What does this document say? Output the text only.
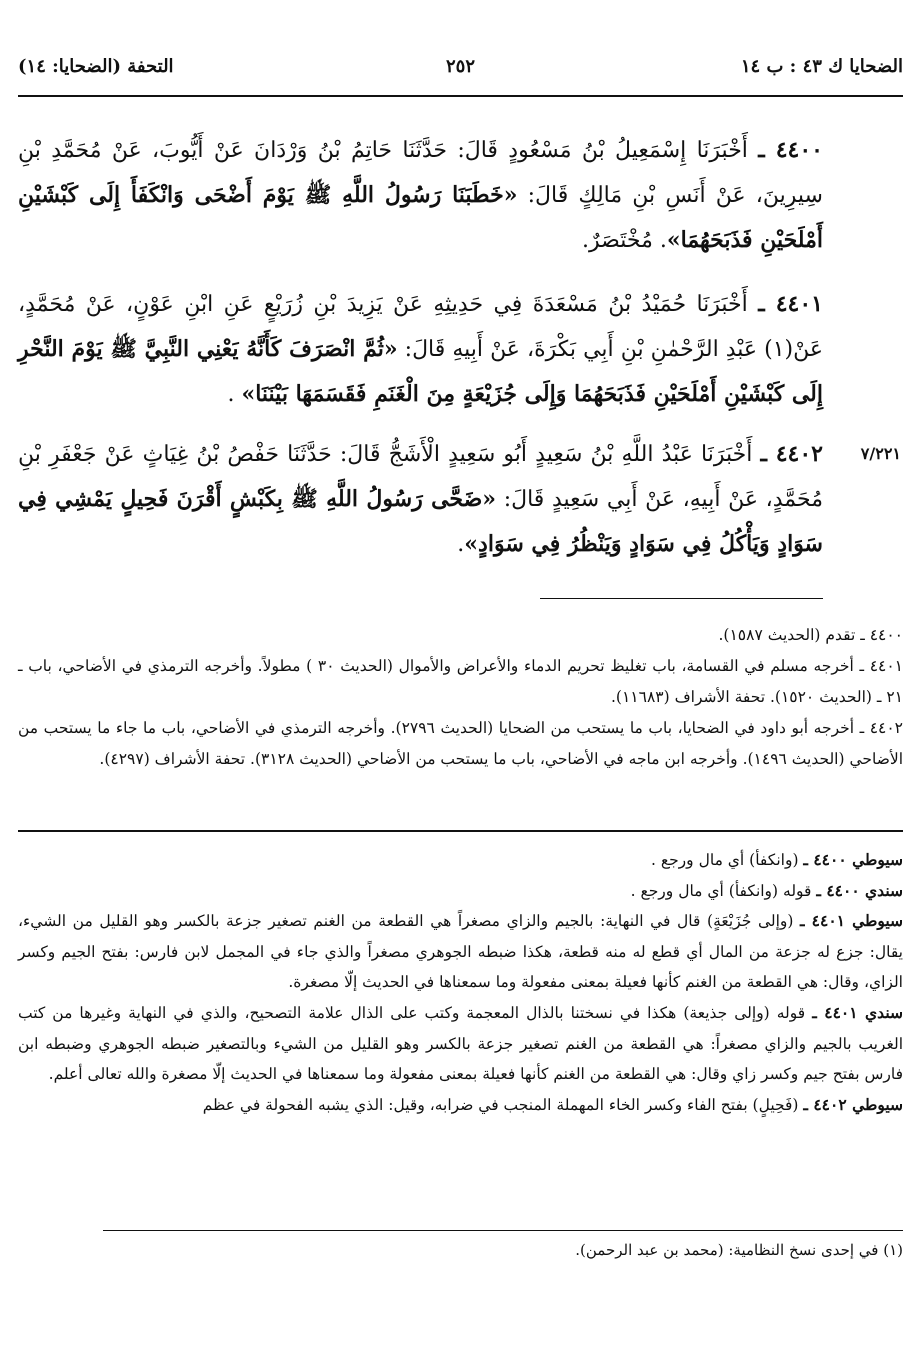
الضحايا ك ٤٣ : ب ١٤
٢٥٢
التحفة (الضحايا: ١٤)
٤٤٠٠ ـ أَخْبَرَنَا إِسْمَعِيلُ بْنُ مَسْعُودٍ قَالَ: حَدَّثَنَا حَاتِمُ بْنُ وَرْدَانَ عَنْ أَيُّوبَ، عَنْ مُحَمَّدِ بْنِ سِيرِينَ، عَنْ أَنَسِ بْنِ مَالِكٍ قَالَ: «خَطَبَنَا رَسُولُ اللَّهِ ﷺ يَوْمَ أَضْحَى وَانْكَفَأَ إِلَى كَبْشَيْنِ أَمْلَحَيْنِ فَذَبَحَهُمَا». مُخْتَصَرٌ.
٤٤٠١ ـ أَخْبَرَنَا حُمَيْدُ بْنُ مَسْعَدَةَ فِي حَدِيثِهِ عَنْ يَزِيدَ بْنِ زُرَيْعٍ عَنِ ابْنِ عَوْنٍ، عَنْ مُحَمَّدٍ، عَنْ(١) عَبْدِ الرَّحْمٰنِ بْنِ أَبِي بَكْرَةَ، عَنْ أَبِيهِ قَالَ: «ثُمَّ انْصَرَفَ كَأَنَّهُ يَعْنِي النَّبِيَّ ﷺ يَوْمَ النَّحْرِ إِلَى كَبْشَيْنِ أَمْلَحَيْنِ فَذَبَحَهُمَا وَإِلَى جُزَيْعَةٍ مِنَ الْغَنَمِ فَقَسَمَهَا بَيْنَنَا» .
٤٤٠٢ ـ أَخْبَرَنَا عَبْدُ اللَّهِ بْنُ سَعِيدٍ أَبُو سَعِيدٍ الْأَشَجُّ قَالَ: حَدَّثَنَا حَفْصُ بْنُ غِيَاثٍ عَنْ جَعْفَرِ بْنِ مُحَمَّدٍ، عَنْ أَبِيهِ، عَنْ أَبِي سَعِيدٍ قَالَ: «ضَحَّى رَسُولُ اللَّهِ ﷺ بِكَبْشٍ أَقْرَنَ فَحِيلٍ يَمْشِي فِي سَوَادٍ وَيَأْكُلُ فِي سَوَادٍ وَيَنْظُرُ فِي سَوَادٍ».
٧/٢٢١

٤٤٠٠ ـ تقدم (الحديث ١٥٨٧).

٤٤٠١ ـ أخرجه مسلم في القسامة، باب تغليظ تحريم الدماء والأعراض والأموال (الحديث ٣٠ ) مطولاً. وأخرجه الترمذي في الأضاحي، باب ـ ٢١ ـ (الحديث ١٥٢٠). تحفة الأشراف (١١٦٨٣).

٤٤٠٢ ـ أخرجه أبو داود في الضحايا، باب ما يستحب من الضحايا (الحديث ٢٧٩٦). وأخرجه الترمذي في الأضاحي، باب ما جاء ما يستحب من الأضاحي (الحديث ١٤٩٦). وأخرجه ابن ماجه في الأضاحي، باب ما يستحب من الأضاحي (الحديث ٣١٢٨). تحفة الأشراف (٤٢٩٧).

سيوطي ٤٤٠٠ ـ (وانكفأ) أي مال ورجع .

سندي ٤٤٠٠ ـ قوله (وانكفأ) أي مال ورجع .

سيوطي ٤٤٠١ ـ (وإلى جُزَيْعَةٍ) قال في النهاية: بالجيم والزاي مصغراً هي القطعة من الغنم تصغير جزعة بالكسر وهو القليل من الشيء، يقال: جزع له جزعة من المال أي قطع له منه قطعة، هكذا ضبطه الجوهري مصغراً والذي جاء في المجمل لابن فارس: بفتح الجيم وكسر الزاي، وقال: هي القطعة من الغنم كأنها فعيلة بمعنى مفعولة وما سمعناها في الحديث إلّا مصغرة.

سندي ٤٤٠١ ـ قوله (وإلى جذيعة) هكذا في نسختنا بالذال المعجمة وكتب على الذال علامة التصحيح، والذي في النهاية وغيرها من كتب الغريب بالجيم والزاي مصغراً: هي القطعة من الغنم تصغير جزعة بالكسر وهو القليل من الشيء وبالتصغير ضبطه الجوهري وضبطه ابن فارس بفتح جيم وكسر زاي وقال: هي القطعة من الغنم كأنها فعيلة بمعنى مفعولة وما سمعناها في الحديث إلّا مصغرة والله تعالى أعلم.

سيوطي ٤٤٠٢ ـ (فَحِيلٍ) بفتح الفاء وكسر الخاء المهملة المنجب في ضرابه، وقيل: الذي يشبه الفحولة في عظم

(١) في إحدى نسخ النظامية: (محمد بن عبد الرحمن).
